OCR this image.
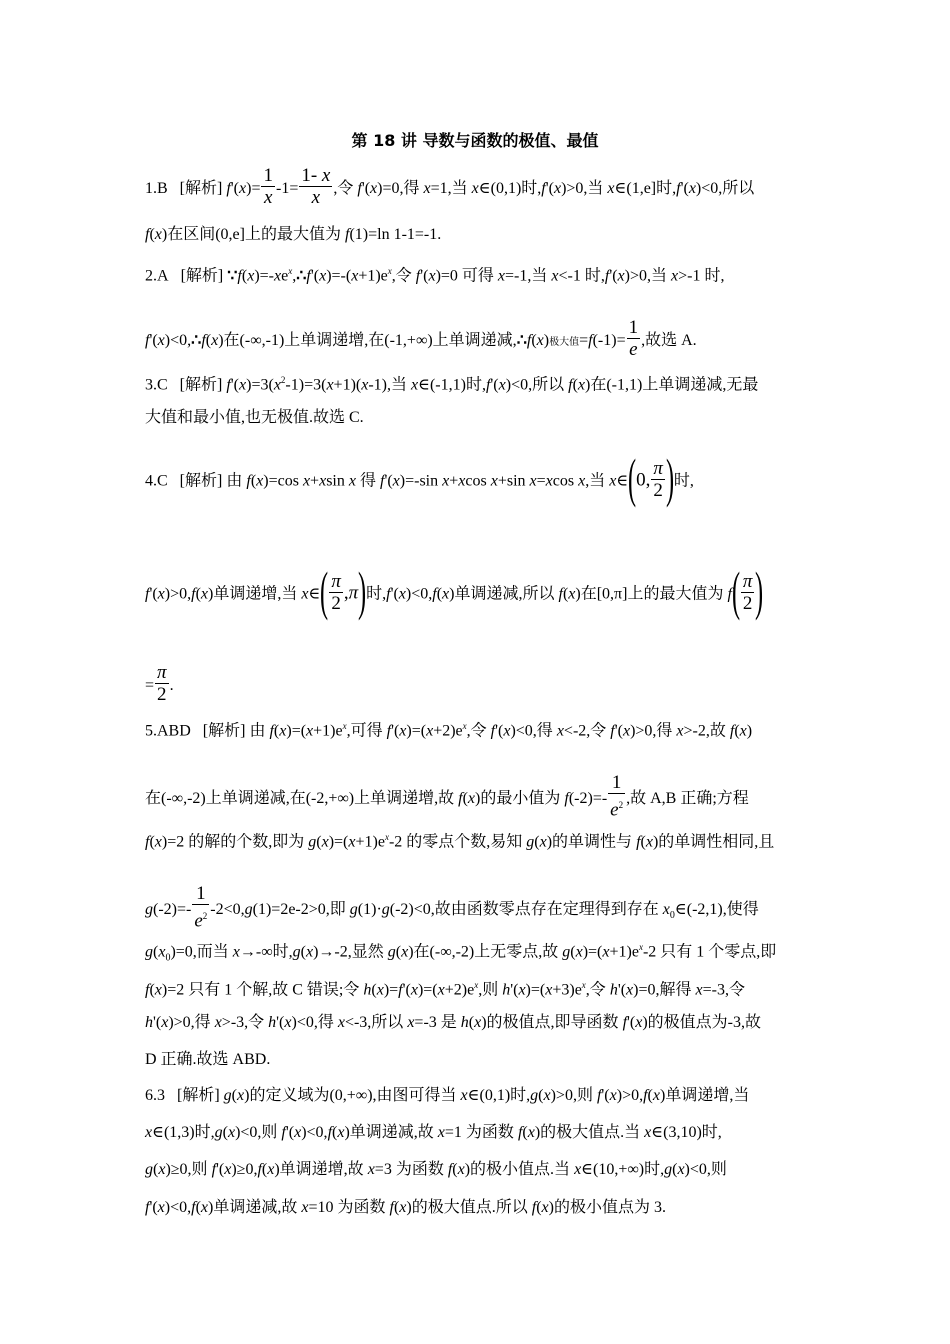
第 18 讲 导数与函数的极值、最值
1.B [解析] $f'(x)= \frac{1}{x} -1= \frac{1- x}{x}$ ,令 f'(x)=0,得 x=1,当 x∈(0,1)时,f'(x)>0,当 x∈(1,e]时,f'(x)<0,所以
f(x)在区间(0,e]上的最大值为 f(1)=ln 1-1=-1.
2.A [解析] $\because f(x)=-xe^x,\therefore f'(x)=-(x+1)e^x$,令 f'(x)=0 可得 x=-1,当 x<-1 时,f'(x)>0,当 x>-1 时,
f'(x)<0,∴f(x)在(-∞,-1)上单调递增,在(-1,+∞)上单调递减,∴f(x)极大值$=f(-1)= \frac{1}{e}$ ,故选 A.
3.C [解析] $f'(x)=3(x^2-1)=3(x+1)(x-1)$,当 x∈(-1,1)时,f'(x)<0,所以 f(x)在(-1,1)上单调递减,无最
大值和最小值,也无极值.故选 C.
4.C [解析] 由 f(x)=cos x+xsin x 得 f'(x)=-sin x+xcos x+sin x=xcos x,当 x∈(0, $\frac{\pi}{2}$ )时,
f'(x)>0,f(x)单调递增,当 x∈( $\frac{\pi}{2} ,\pi$)时,f'(x)<0,f(x)单调递减,所以 f(x)在[0,π]上的最大值为 $f( \frac{\pi}{2}$ )
= $\frac{\pi}{2}$ .
5.ABD [解析] 由 $f(x)=(x+1)e^x$,可得 $f'(x)=(x+2)e^x$,令 f'(x)<0,得 x<-2,令 f'(x)>0,得 x>-2,故 f(x)
在(-∞,-2)上单调递减,在(-2,+∞)上单调递增,故 f(x)的最小值为 $f(-2)=- \frac{1}{e^2}$ ,故 A,B 正确;方程
f(x)=2 的解的个数,即为 $g(x)=(x+1)e^x-2$ 的零点个数,易知 g(x)的单调性与 f(x)的单调性相同,且
$g(-2)=- \frac{1}{e^2} -2<0,g(1)=2e-2>0$,即 g(1)·g(-2)<0,故由函数零点存在定理得到存在 $x_0\in(-2,1)$,使得
$g(x_0)=0$,而当 x→-∞时,g(x)→-2,显然 g(x)在(-∞,-2)上无零点,故 $g(x)=(x+1)e^x-2$ 只有 1 个零点,即
f(x)=2 只有 1 个解,故 C 错误;令 $h(x)=f'(x)=(x+2)e^x$,则 $h'(x)=(x+3)e^x$,令 h'(x)=0,解得 x=-3,令
h'(x)>0,得 x>-3,令 h'(x)<0,得 x<-3,所以 x=-3 是 h(x)的极值点,即导函数 f'(x)的极值点为-3,故
D 正确.故选 ABD.
6.3 [解析] g(x)的定义域为(0,+∞),由图可得当 x∈(0,1)时,g(x)>0,则 f'(x)>0,f(x)单调递增,当
x∈(1,3)时,g(x)<0,则 f'(x)<0,f(x)单调递减,故 x=1 为函数 f(x)的极大值点.当 x∈(3,10)时,
g(x)≥0,则 f'(x)≥0,f(x)单调递增,故 x=3 为函数 f(x)的极小值点.当 x∈(10,+∞)时,g(x)<0,则
f'(x)<0,f(x)单调递减,故 x=10 为函数 f(x)的极大值点.所以 f(x)的极小值点为 3.
